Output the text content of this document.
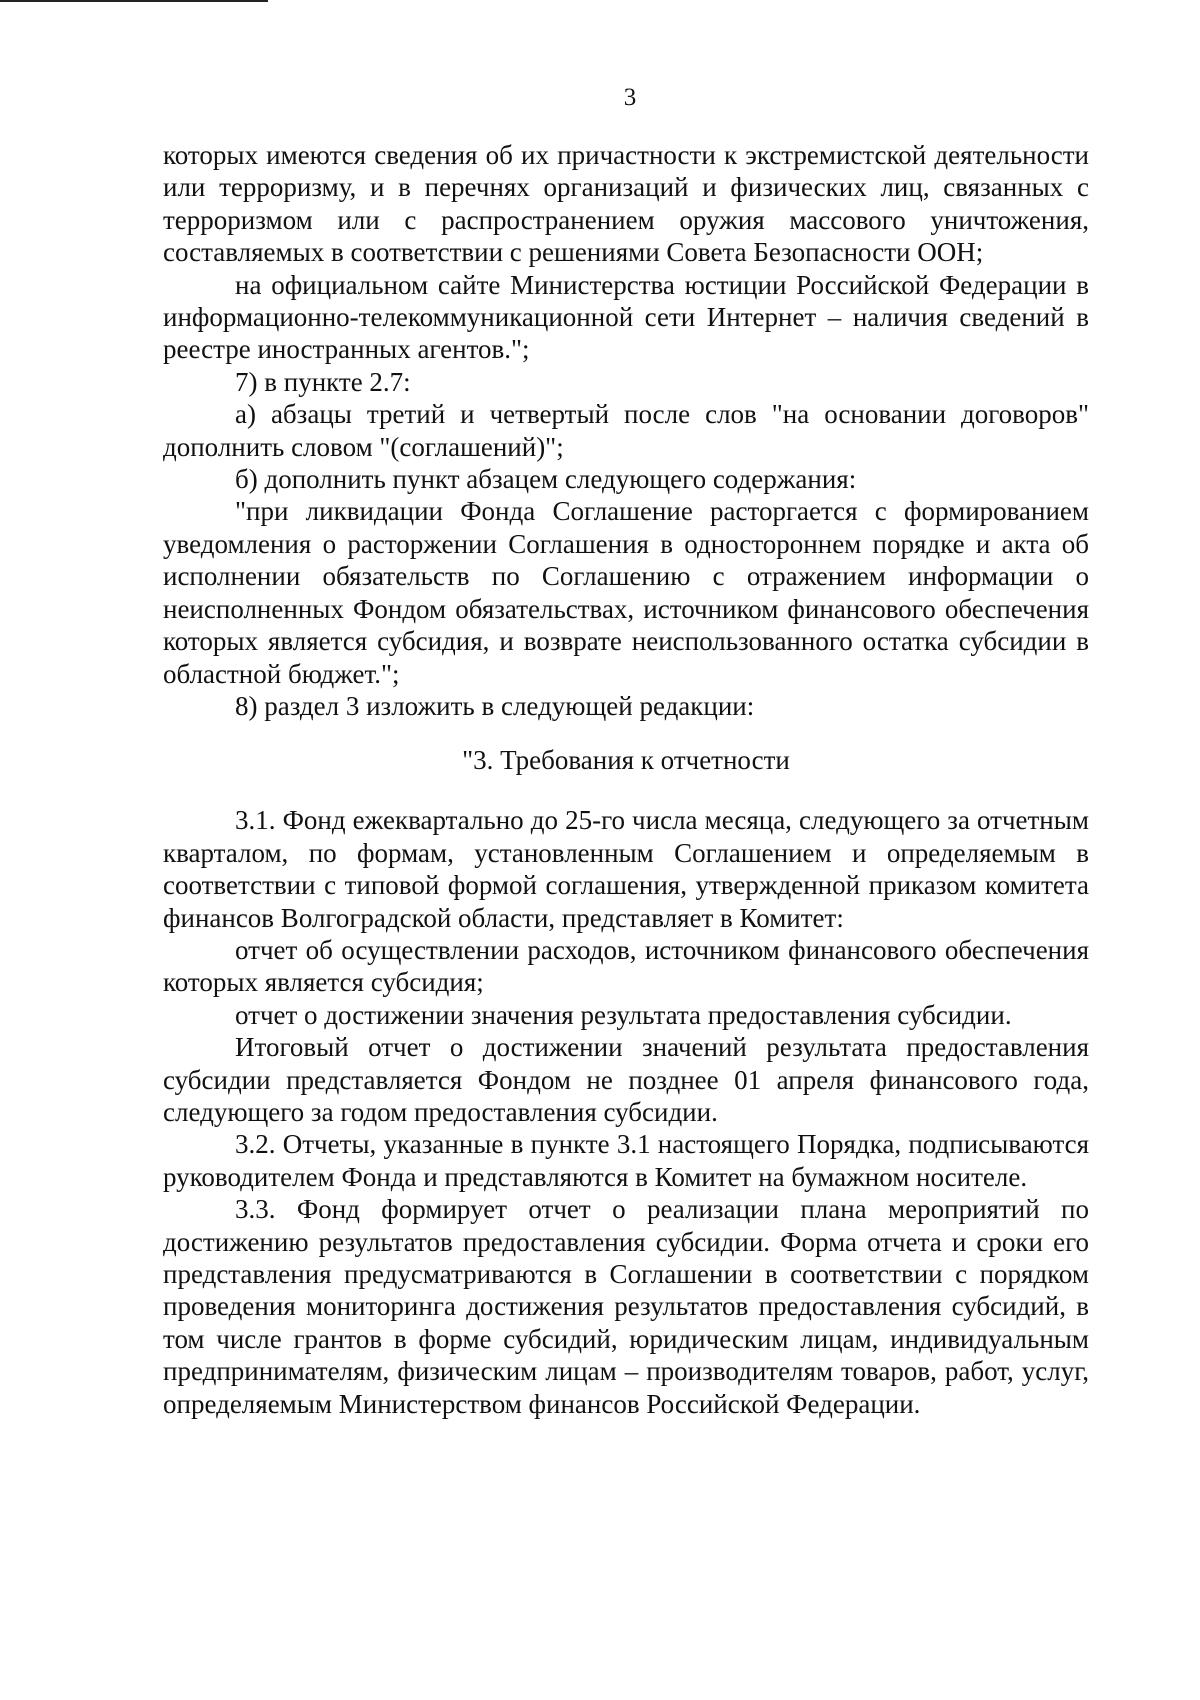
3

которых имеются сведения об их причастности к экстремистской деятельности или терроризму, и в перечнях организаций и физических лиц, связанных с терроризмом или с распространением оружия массового уничтожения, составляемых в соответствии с решениями Совета Безопасности ООН;

на официальном сайте Министерства юстиции Российской Федерации в информационно-телекоммуникационной сети Интернет – наличия сведений в реестре иностранных агентов.";

7) в пункте 2.7:

а) абзацы третий и четвертый после слов "на основании договоров" дополнить словом "(соглашений)";

б) дополнить пункт абзацем следующего содержания:

"при ликвидации Фонда Соглашение расторгается с формированием уведомления о расторжении Соглашения в одностороннем порядке и акта об исполнении обязательств по Соглашению с отражением информации о неисполненных Фондом обязательствах, источником финансового обеспечения которых является субсидия, и возврате неиспользованного остатка субсидии в областной бюджет.";

8) раздел 3 изложить в следующей редакции:

"3. Требования к отчетности

3.1. Фонд ежеквартально до 25-го числа месяца, следующего за отчетным кварталом, по формам, установленным Соглашением и определяемым в соответствии с типовой формой соглашения, утвержденной приказом комитета финансов Волгоградской области, представляет в Комитет:

отчет об осуществлении расходов, источником финансового обеспечения которых является субсидия;

отчет о достижении значения результата предоставления субсидии.

Итоговый отчет о достижении значений результата предоставления субсидии представляется Фондом не позднее 01 апреля финансового года, следующего за годом предоставления субсидии.

3.2. Отчеты, указанные в пункте 3.1 настоящего Порядка, подписываются руководителем Фонда и представляются в Комитет на бумажном носителе.

3.3. Фонд формирует отчет о реализации плана мероприятий по достижению результатов предоставления субсидии. Форма отчета и сроки его представления предусматриваются в Соглашении в соответствии с порядком проведения мониторинга достижения результатов предоставления субсидий, в том числе грантов в форме субсидий, юридическим лицам, индивидуальным предпринимателям, физическим лицам – производителям товаров, работ, услуг, определяемым Министерством финансов Российской Федерации.
